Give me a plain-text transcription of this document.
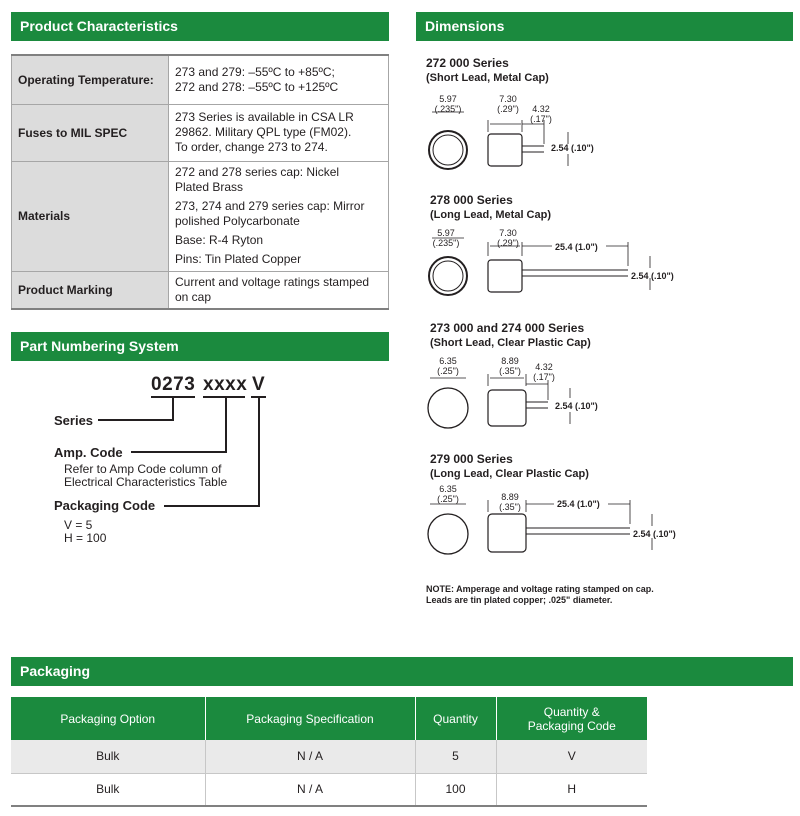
Product Characteristics
Operating Temperature:	273 and 279: –55ºC to +85ºC;
272 and 278: –55ºC to +125ºC

Fuses to MIL SPEC	273 Series is available in CSA LR
29862. Military QPL type (FM02).
To order, change 273 to 274.

Materials	272 and 278 series cap: Nickel Plated Brass

273, 274 and 279 series cap: Mirror polished Polycarbonate

Base: R-4 Ryton

Pins: Tin Plated Copper

Product Marking	Current and voltage ratings stamped
on cap
Part Numbering System
0273 xxxx V
Series
Amp. Code
Refer to Amp Code column of
Electrical Characteristics Table
Packaging Code
V = 5
H = 100
Dimensions
272 000 Series
(Short Lead, Metal Cap)
5.97
(.235")
7.30
(.29")	4.32
(.17")
2.54 (.10")
278 000 Series
(Long Lead, Metal Cap)
5.97
(.235")
7.30
(.29")	25.4 (1.0")
2.54 (.10")
273 000 and 274 000 Series
(Short Lead, Clear Plastic Cap)
6.35
(.25")
8.89
(.35")	4.32
(.17")
2.54 (.10")
279 000 Series
(Long Lead, Clear Plastic Cap)
6.35
(.25")	8.89
(.35")	25.4 (1.0")
2.54 (.10")
NOTE: Amperage and voltage rating stamped on cap.
Leads are tin plated copper; .025" diameter.
Packaging
Packaging Option	Packaging Specification	Quantity	Quantity &
Packaging Code

Bulk	N / A	5	V
Bulk	N / A	100	H
